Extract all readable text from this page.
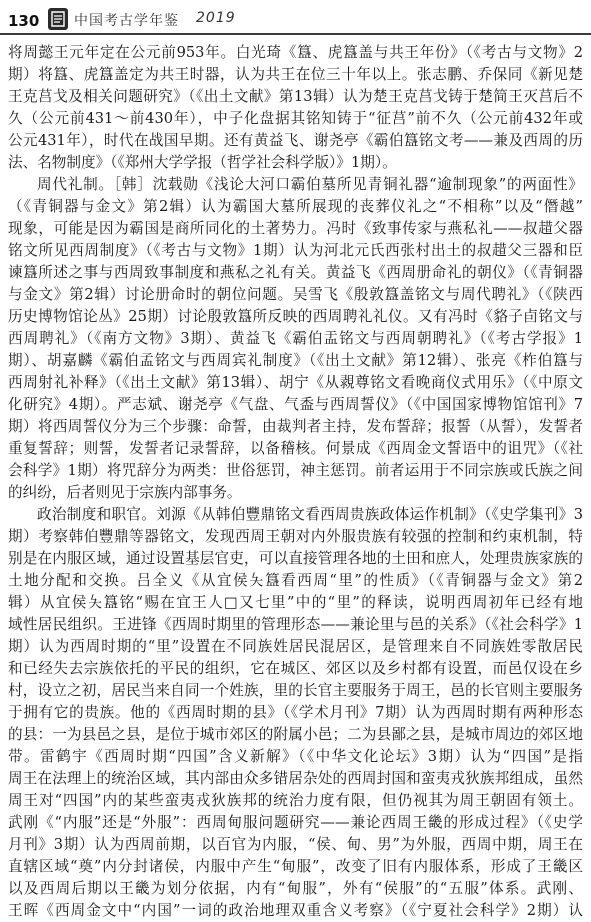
130 中国考古学年鉴 2019
将周懿王元年定在公元前953年。白光琦《簋、虎簋盖与共王年份》（《考古与文物》2
期）将簋、虎簋盖定为共王时器，认为共王在位三十年以上。张志鹏、乔保同《新见楚
王克莒戈及相关问题研究》（《出土文献》第13辑）认为楚王克莒戈铸于楚简王灭莒后不
久（公元前431～前430年），中子化盘据其铭知铸于“征莒”前不久（公元前432年或
公元431年），时代在战国早期。还有黄益飞、谢尧亭《霸伯簋铭文考——兼及西周的历
法、名物制度》（《郑州大学学报（哲学社会科学版）》1期）。
周代礼制。［韩］沈载勋《浅论大河口霸伯墓所见青铜礼器“逾制现象”的两面性》
（《青铜器与金文》第2辑）认为霸国大墓所展现的丧葬仪礼之“不相称”以及“僭越”
现象，可能是因为霸国是商所同化的土著势力。冯时《致事传家与燕私礼——叔趞父器
铭文所见西周制度》（《考古与文物》1期）认为河北元氏西张村出土的叔趞父三器和臣
谏簋所述之事与西周致事制度和燕私之礼有关。黄益飞《西周册命礼的朝仪》（《青铜器
与金文》第2辑）讨论册命时的朝位问题。吴雪飞《殷敦簋盖铭文与周代聘礼》（《陕西
历史博物馆论丛》25期）讨论殷敦簋所反映的西周聘礼礼仪。又有冯时《貉子卣铭文与
西周聘礼》（《南方文物》3期）、黄益飞《霸伯盂铭文与西周朝聘礼》（《考古学报》1
期）、胡嘉麟《霸伯孟铭文与西周宾礼制度》（《出土文献》第12辑）、张亮《柞伯簋与
西周射礼补释》（《出土文献》第13辑）、胡宁《从䚄尊铭文看晚商仪式用乐》（《中原文
化研究》4期）。严志斌、谢尧亭《气盘、气盉与西周誓仪》（《中国国家博物馆馆刊》7
期）将西周誓仪分为三个步骤：命誓，由裁判者主持，发布誓辞；报誓（从誓），发誓者
重复誓辞；则誓，发誓者记录誓辞，以备稽核。何景成《西周金文誓语中的诅咒》（《社
会科学》1期）将咒辞分为两类：世俗惩罚，神主惩罚。前者运用于不同宗族或氏族之间
的纠纷，后者则见于宗族内部事务。
政治制度和职官。刘源《从韩伯豐鼎铭文看西周贵族政体运作机制》（《史学集刊》3
期）考察韩伯豐鼎等器铭文，发现西周王朝对内外服贵族有较强的控制和约束机制，特
别是在内服区域，通过设置基层官吏，可以直接管理各地的土田和庶人，处理贵族家族的
土地分配和交换。吕全义《从宜侯夨簋看西周“里”的性质》（《青铜器与金文》第2
辑）从宜侯夨簋铭“赐在宜王人□又七里”中的“里”的释读，说明西周初年已经有地
域性居民组织。王进锋《西周时期里的管理形态——兼论里与邑的关系》（《社会科学》1
期）认为西周时期的“里”设置在不同族姓居民混居区，是管理来自不同族姓零散居民
和已经失去宗族依托的平民的组织，它在城区、郊区以及乡村都有设置，而邑仅设在乡
村，设立之初，居民当来自同一个姓族，里的长官主要服务于周王，邑的长官则主要服务
于拥有它的贵族。他的《西周时期的县》（《学术月刊》7期）认为西周时期有两种形态
的县：一为县邑之县，是位于城市郊区的附属小邑；二为县鄙之县，是城市周边的郊区地
带。雷鹤宇《西周时期“四国”含义新解》（《中华文化论坛》3期）认为“四国”是指
周王在法理上的统治区域，其内部由众多错居杂处的西周封国和蛮夷戎狄族邦组成，虽然
周王对“四国”内的某些蛮夷戎狄族邦的统治力度有限，但仍视其为周王朝固有领土。
武刚《“内服”还是“外服”：西周甸服问题研究——兼论西周王畿的形成过程》（《史学
月刊》3期）认为西周前期，以百官为内服，“侯、甸、男”为外服，西周中期，周王在
直辖区域“奠”内分封诸侯，内服中产生“甸服”，改变了旧有内服体系，形成了王畿区
以及西周后期以王畿为划分依据，内有“甸服”，外有“侯服”的“五服”体系。武刚、
王晖《西周金文中“内国”一词的政治地理双重含义考察》（《宁夏社会科学》2期）认
